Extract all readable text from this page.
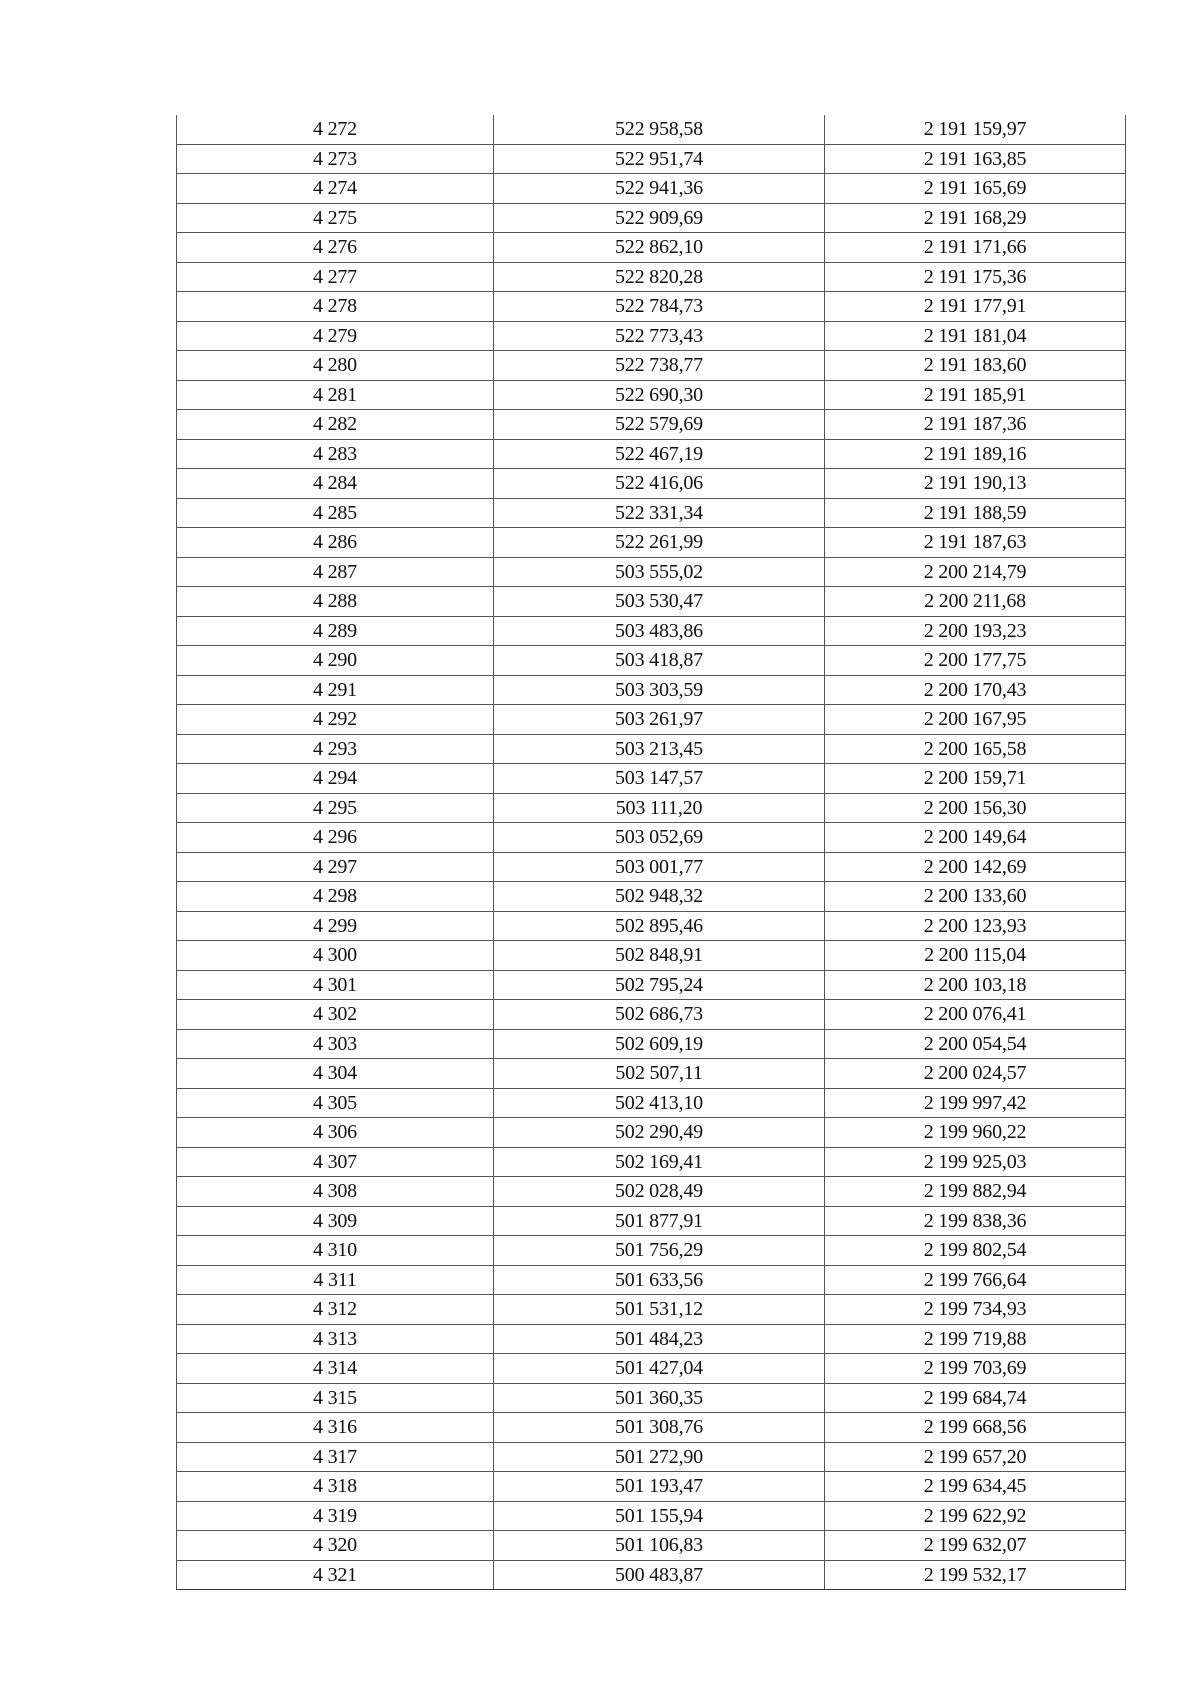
4 272	522 958,58	2 191 159,97
4 273	522 951,74	2 191 163,85
4 274	522 941,36	2 191 165,69
4 275	522 909,69	2 191 168,29
4 276	522 862,10	2 191 171,66
4 277	522 820,28	2 191 175,36
4 278	522 784,73	2 191 177,91
4 279	522 773,43	2 191 181,04
4 280	522 738,77	2 191 183,60
4 281	522 690,30	2 191 185,91
4 282	522 579,69	2 191 187,36
4 283	522 467,19	2 191 189,16
4 284	522 416,06	2 191 190,13
4 285	522 331,34	2 191 188,59
4 286	522 261,99	2 191 187,63
4 287	503 555,02	2 200 214,79
4 288	503 530,47	2 200 211,68
4 289	503 483,86	2 200 193,23
4 290	503 418,87	2 200 177,75
4 291	503 303,59	2 200 170,43
4 292	503 261,97	2 200 167,95
4 293	503 213,45	2 200 165,58
4 294	503 147,57	2 200 159,71
4 295	503 111,20	2 200 156,30
4 296	503 052,69	2 200 149,64
4 297	503 001,77	2 200 142,69
4 298	502 948,32	2 200 133,60
4 299	502 895,46	2 200 123,93
4 300	502 848,91	2 200 115,04
4 301	502 795,24	2 200 103,18
4 302	502 686,73	2 200 076,41
4 303	502 609,19	2 200 054,54
4 304	502 507,11	2 200 024,57
4 305	502 413,10	2 199 997,42
4 306	502 290,49	2 199 960,22
4 307	502 169,41	2 199 925,03
4 308	502 028,49	2 199 882,94
4 309	501 877,91	2 199 838,36
4 310	501 756,29	2 199 802,54
4 311	501 633,56	2 199 766,64
4 312	501 531,12	2 199 734,93
4 313	501 484,23	2 199 719,88
4 314	501 427,04	2 199 703,69
4 315	501 360,35	2 199 684,74
4 316	501 308,76	2 199 668,56
4 317	501 272,90	2 199 657,20
4 318	501 193,47	2 199 634,45
4 319	501 155,94	2 199 622,92
4 320	501 106,83	2 199 632,07
4 321	500 483,87	2 199 532,17
